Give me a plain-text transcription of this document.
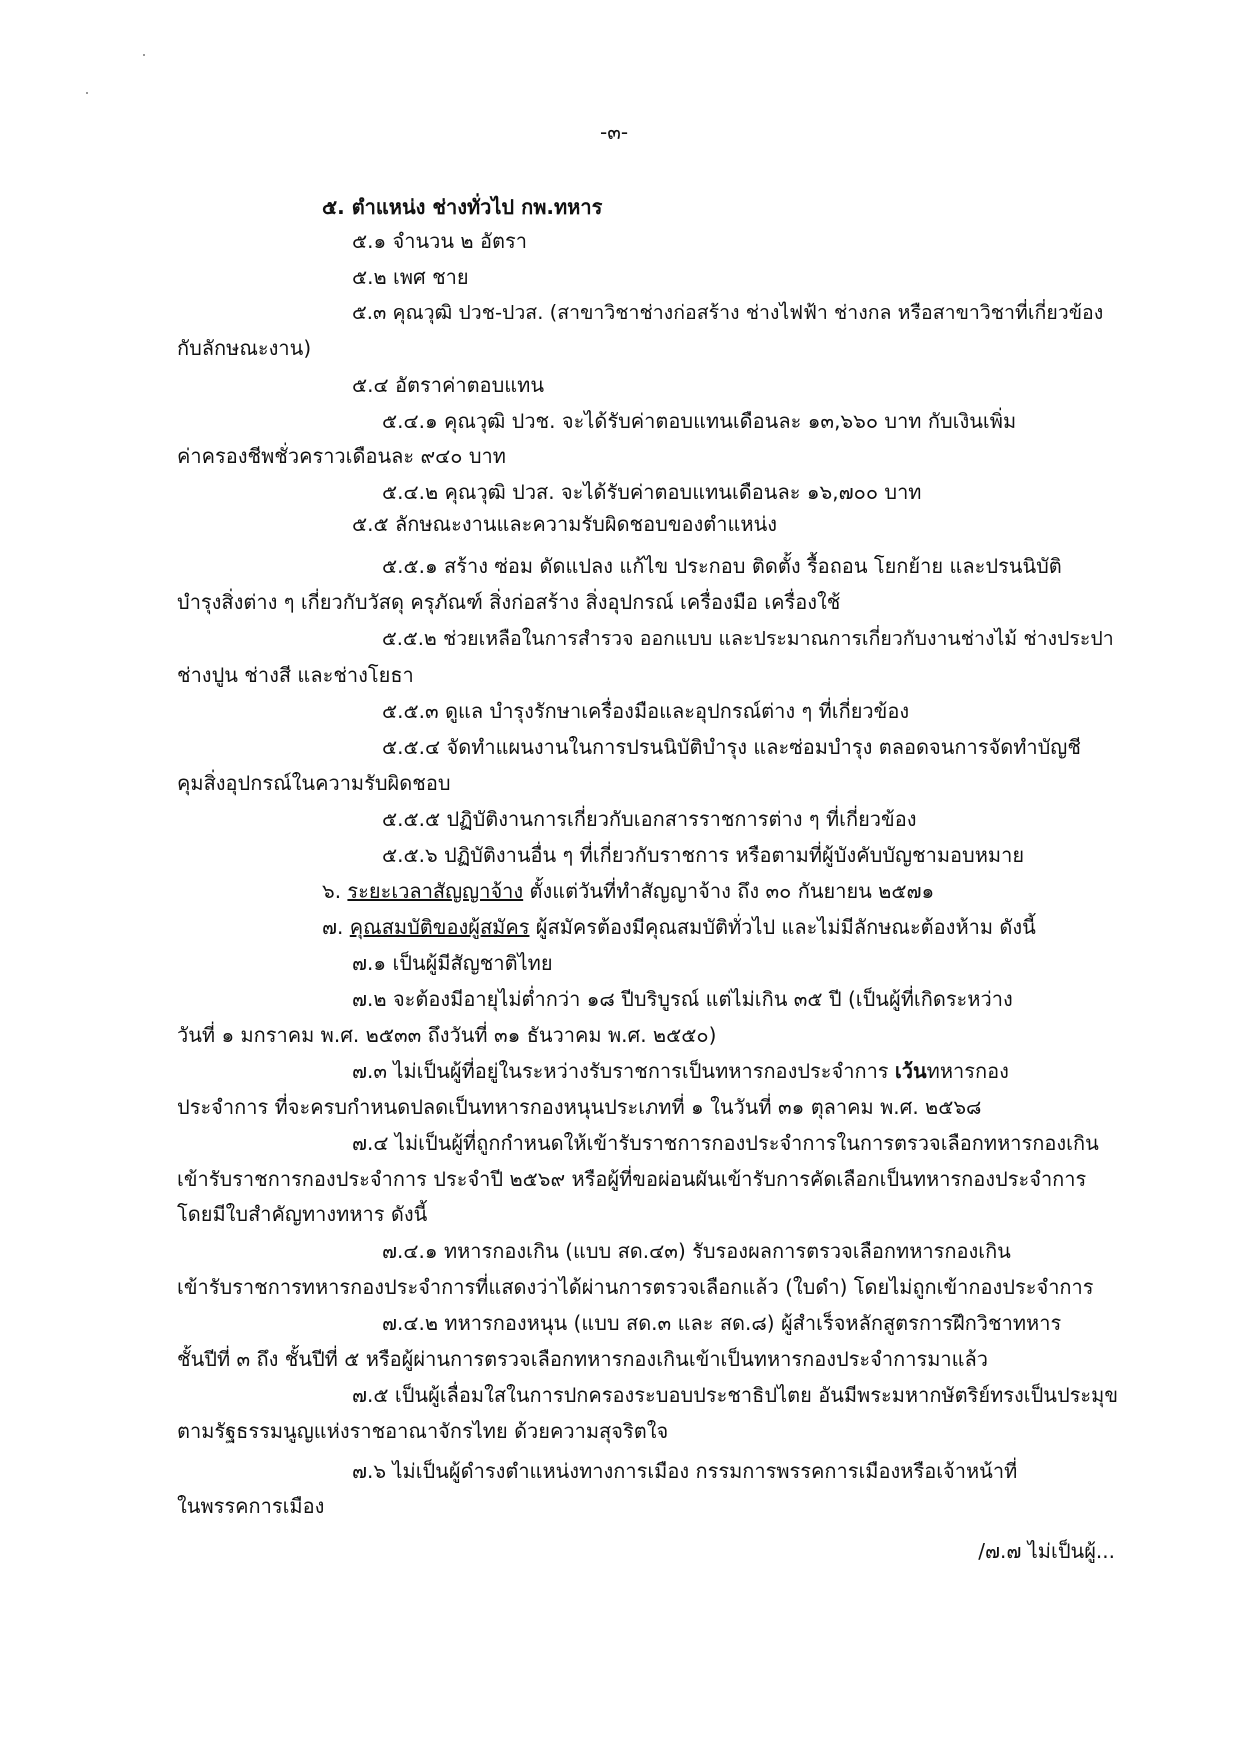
-๓-
๕. ตำแหน่ง ช่างทั่วไป กพ.ทหาร
๕.๑ จำนวน ๒ อัตรา
๕.๒ เพศ ชาย
๕.๓ คุณวุฒิ ปวช-ปวส. (สาขาวิชาช่างก่อสร้าง ช่างไฟฟ้า ช่างกล หรือสาขาวิชาที่เกี่ยวข้อง
กับลักษณะงาน)
๕.๔ อัตราค่าตอบแทน
๕.๔.๑ คุณวุฒิ ปวช. จะได้รับค่าตอบแทนเดือนละ ๑๓,๖๖๐ บาท กับเงินเพิ่ม
ค่าครองชีพชั่วคราวเดือนละ ๙๔๐ บาท
๕.๔.๒ คุณวุฒิ ปวส. จะได้รับค่าตอบแทนเดือนละ ๑๖,๗๐๐ บาท
๕.๕ ลักษณะงานและความรับผิดชอบของตำแหน่ง
๕.๕.๑ สร้าง ซ่อม ดัดแปลง แก้ไข ประกอบ ติดตั้ง รื้อถอน โยกย้าย และปรนนิบัติ
บำรุงสิ่งต่าง ๆ เกี่ยวกับวัสดุ ครุภัณฑ์ สิ่งก่อสร้าง สิ่งอุปกรณ์ เครื่องมือ เครื่องใช้
๕.๕.๒ ช่วยเหลือในการสำรวจ ออกแบบ และประมาณการเกี่ยวกับงานช่างไม้ ช่างประปา
ช่างปูน ช่างสี และช่างโยธา
๕.๕.๓ ดูแล บำรุงรักษาเครื่องมือและอุปกรณ์ต่าง ๆ ที่เกี่ยวข้อง
๕.๕.๔ จัดทำแผนงานในการปรนนิบัติบำรุง และซ่อมบำรุง ตลอดจนการจัดทำบัญชี
คุมสิ่งอุปกรณ์ในความรับผิดชอบ
๕.๕.๕ ปฏิบัติงานการเกี่ยวกับเอกสารราชการต่าง ๆ ที่เกี่ยวข้อง
๕.๕.๖ ปฏิบัติงานอื่น ๆ ที่เกี่ยวกับราชการ หรือตามที่ผู้บังคับบัญชามอบหมาย
๖. ระยะเวลาสัญญาจ้าง ตั้งแต่วันที่ทำสัญญาจ้าง ถึง ๓๐ กันยายน ๒๕๗๑
๗. คุณสมบัติของผู้สมัคร ผู้สมัครต้องมีคุณสมบัติทั่วไป และไม่มีลักษณะต้องห้าม ดังนี้
๗.๑ เป็นผู้มีสัญชาติไทย
๗.๒ จะต้องมีอายุไม่ต่ำกว่า ๑๘ ปีบริบูรณ์ แต่ไม่เกิน ๓๕ ปี (เป็นผู้ที่เกิดระหว่าง
วันที่ ๑ มกราคม พ.ศ. ๒๕๓๓ ถึงวันที่ ๓๑ ธันวาคม พ.ศ. ๒๕๕๐)
๗.๓ ไม่เป็นผู้ที่อยู่ในระหว่างรับราชการเป็นทหารกองประจำการ เว้นทหารกอง
ประจำการ ที่จะครบกำหนดปลดเป็นทหารกองหนุนประเภทที่ ๑ ในวันที่ ๓๑ ตุลาคม พ.ศ. ๒๕๖๘
๗.๔ ไม่เป็นผู้ที่ถูกกำหนดให้เข้ารับราชการกองประจำการในการตรวจเลือกทหารกองเกิน
เข้ารับราชการกองประจำการ ประจำปี ๒๕๖๙ หรือผู้ที่ขอผ่อนผันเข้ารับการคัดเลือกเป็นทหารกองประจำการ
โดยมีใบสำคัญทางทหาร ดังนี้
๗.๔.๑ ทหารกองเกิน (แบบ สด.๔๓) รับรองผลการตรวจเลือกทหารกองเกิน
เข้ารับราชการทหารกองประจำการที่แสดงว่าได้ผ่านการตรวจเลือกแล้ว (ใบดำ) โดยไม่ถูกเข้ากองประจำการ
๗.๔.๒ ทหารกองหนุน (แบบ สด.๓ และ สด.๘) ผู้สำเร็จหลักสูตรการฝึกวิชาทหาร
ชั้นปีที่ ๓ ถึง ชั้นปีที่ ๕ หรือผู้ผ่านการตรวจเลือกทหารกองเกินเข้าเป็นทหารกองประจำการมาแล้ว
๗.๕ เป็นผู้เลื่อมใสในการปกครองระบอบประชาธิปไตย อันมีพระมหากษัตริย์ทรงเป็นประมุข
ตามรัฐธรรมนูญแห่งราชอาณาจักรไทย ด้วยความสุจริตใจ
๗.๖ ไม่เป็นผู้ดำรงตำแหน่งทางการเมือง กรรมการพรรคการเมืองหรือเจ้าหน้าที่
ในพรรคการเมือง
/๗.๗ ไม่เป็นผู้...
